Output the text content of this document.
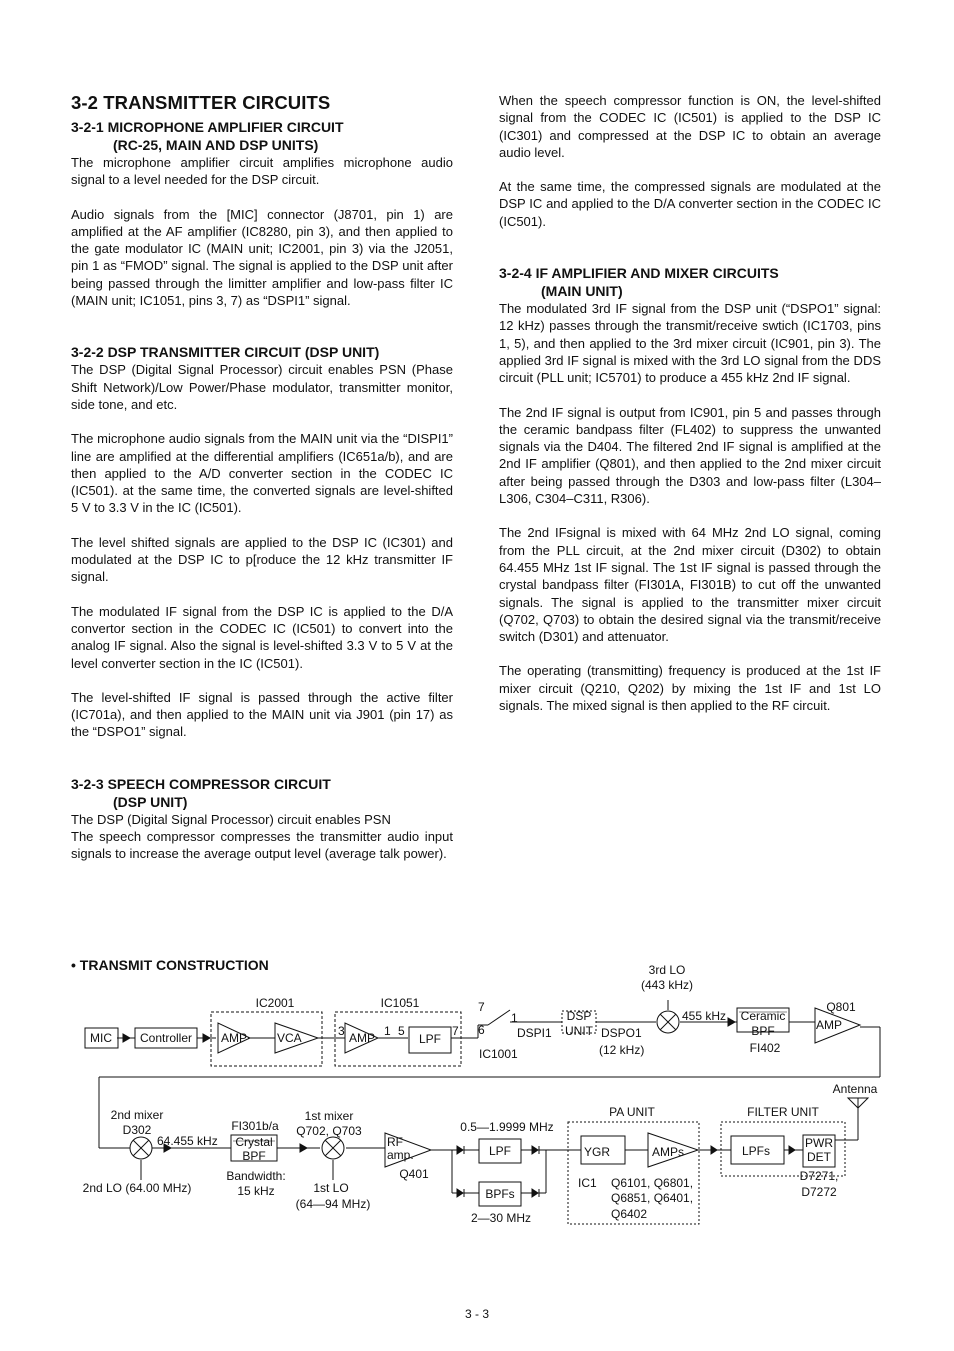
3-2 TRANSMITTER CIRCUITS
3-2-1 MICROPHONE AMPLIFIER CIRCUIT
(RC-25, MAIN AND DSP UNITS)

The microphone amplifier circuit amplifies microphone audio signal to a level needed for the DSP circuit.

Audio signals from the [MIC] connector (J8701, pin 1) are amplified at the AF amplifier (IC8280, pin 3), and then applied to the gate modulator IC (MAIN unit; IC2001, pin 3) via the J2051, pin 1 as “FMOD” signal. The signal is applied to the DSP unit after being passed through the limitter amplifier and low-pass filter IC (MAIN unit; IC1051, pins 3, 7) as “DSPI1” signal.

3-2-2 DSP TRANSMITTER CIRCUIT (DSP UNIT)

The DSP (Digital Signal Processor) circuit enables PSN (Phase Shift Network)/Low Power/Phase modulator, transmitter monitor, side tone, and etc.

The microphone audio signals from the MAIN unit via the “DISPI1” line are amplified at the differential amplifiers (IC651a/b), and are then applied to the A/D converter section in the CODEC IC (IC501). at the same time, the converted signals are level-shifted 5 V to 3.3 V in the IC (IC501).

The level shifted signals are applied to the DSP IC (IC301) and modulated at the DSP IC to p[roduce the 12 kHz transmitter IF signal.

The modulated IF signal from the DSP IC is applied to the D/A convertor section in the CODEC IC (IC501) to convert into the analog IF signal. Also the signal is level-shifted 3.3 V to 5 V at the level converter section in the IC (IC501).

The level-shifted IF signal is passed through the active filter (IC701a), and then applied to the MAIN unit via J901 (pin 17) as the “DSPO1” signal.

3-2-3 SPEECH COMPRESSOR CIRCUIT
(DSP UNIT)

The DSP (Digital Signal Processor) circuit enables PSN

The speech compressor compresses the transmitter audio input signals to increase the average output level (average talk power).

When the speech compressor function is ON, the level-shifted signal from the CODEC IC (IC501) is applied to the DSP IC (IC301) and compressed at the DSP IC to obtain an average audio level.

At the same time, the compressed signals are modulated at the DSP IC and applied to the D/A converter section in the CODEC IC (IC501).

3-2-4 IF AMPLIFIER AND MIXER CIRCUITS
(MAIN UNIT)

The modulated 3rd IF signal from the DSP unit (“DSPO1” signal: 12 kHz) passes through the transmit/receive swtich (IC1703, pins 1, 5), and then applied to the 3rd mixer circuit (IC901, pin 3). The applied 3rd IF signal is mixed with the 3rd LO signal from the DDS circuit (PLL unit; IC5701) to produce a 455 kHz 2nd IF signal.

The 2nd IF signal is output from IC901, pin 5 and passes through the ceramic bandpass filter (FL402) to suppress the unwanted signals via the D404. The filtered 2nd IF signal is amplified at the 2nd IF amplifier (Q801), and then applied to the 2nd mixer circuit after being passed through the D303 and low-pass filter (L304–L306, C304–C311, R306).

The 2nd IFsignal is mixed with 64 MHz 2nd LO signal, coming from the PLL circuit, at the 2nd mixer circuit (D302) to obtain 64.455 MHz 1st IF signal. The 1st IF signal is passed through the crystal bandpass filter (FI301A, FI301B) to cut off the unwanted signals. The signal is applied to the transmitter mixer circuit (Q702, Q703) to obtain the desired signal via the transmit/receive switch (D301) and attenuator.

The operating (transmitting) frequency is produced at the 1st IF mixer circuit (Q210, Q202) by mixing the 1st IF and 1st LO signals. The mixed signal is then applied to the RF circuit.

• TRANSMIT CONSTRUCTION
MIC Controller
IC2001
AMP VCA
IC1051
AMP	LPF
3	1 5	7
7
6
1
IC1001
DSPI1
DSP
UNIT DSPO1
(12 kHz)
3rd LO
(443 kHz)
455 kHz Ceramic
BPF
FI402
Q801
AMP
2nd mixer
D302
2nd LO (64.00 MHz)
64.455 kHz
FI301b/a
Crystal
BPF
Bandwidth:
15 kHz
1st mixer
Q702, Q703
1st LO
(64—94 MHz)
RF
amp.
Q401
0.5—1.9999 MHz
LPF
BPFs
2—30 MHz
PA UNIT
YGR	AMPs
IC1 Q6101, Q6801,
Q6851, Q6401,
Q6402
FILTER UNIT
LPFs
PWR
DET
D7271,
D7272
Antenna
3 - 3
